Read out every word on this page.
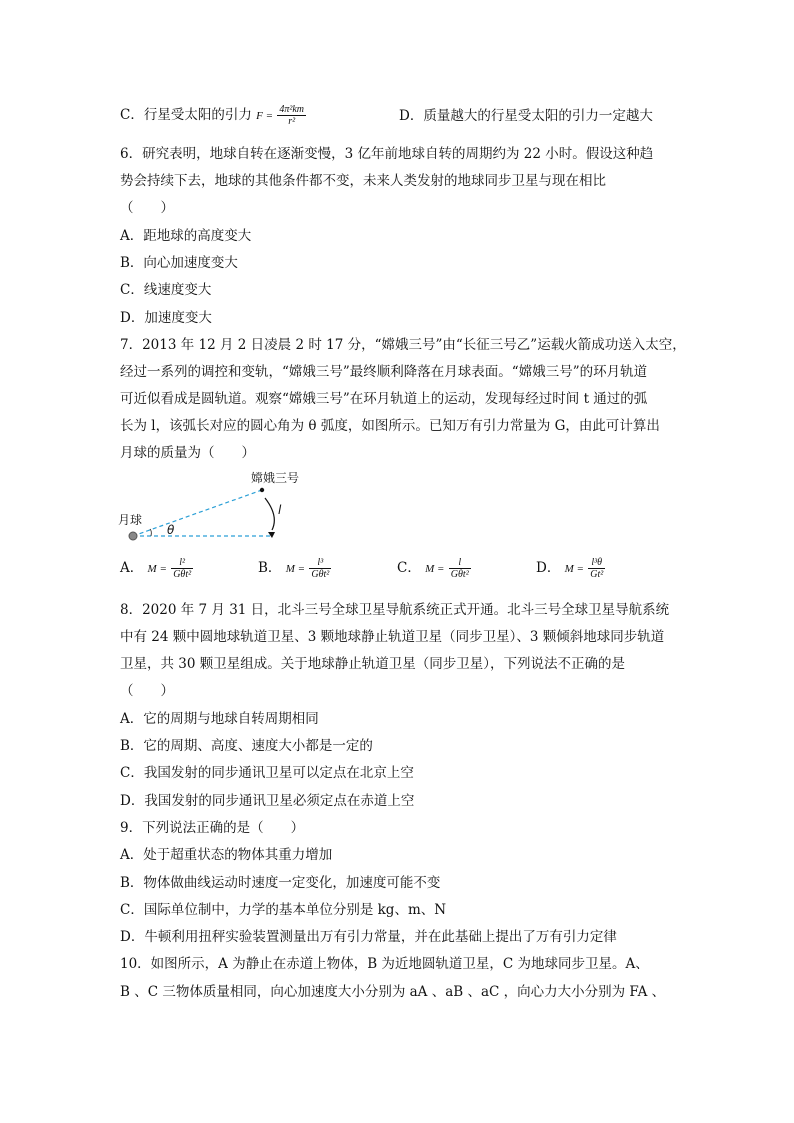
C．行星受太阳的引力 $F = \frac{\text{4π²km}}{\text{r²}}$	D．质量越大的行星受太阳的引力一定越大
6．研究表明，地球自转在逐渐变慢，3 亿年前地球自转的周期约为 22 小时。假设这种趋
势会持续下去，地球的其他条件都不变，未来人类发射的地球同步卫星与现在相比
（　　）
A．距地球的高度变大
B．向心加速度变大
C．线速度变大
D．加速度变大
7．2013 年 12 月 2 日凌晨 2 时 17 分，“嫦娥三号”由“长征三号乙”运载火箭成功送入太空，
经过一系列的调控和变轨，“嫦娥三号”最终顺利降落在月球表面。“嫦娥三号”的环月轨道
可近似看成是圆轨道。观察“嫦娥三号”在环月轨道上的运动，发现每经过时间 t 通过的弧
长为 l，该弧长对应的圆心角为 θ 弧度，如图所示。已知万有引力常量为 G，由此可计算出
月球的质量为（　　）
嫦娥三号
月球
l
θ
A． $M = \frac{\text{l²}}{\text{Gθt²}}$	B． $M = \frac{\text{l³}}{\text{Gθt²}}$	C． $M = \frac{l}{\text{Gθt²}}$	D． $M = \frac{\text{l³θ}}{\text{Gt²}}$
8．2020 年 7 月 31 日，北斗三号全球卫星导航系统正式开通。北斗三号全球卫星导航系统
中有 24 颗中圆地球轨道卫星、3 颗地球静止轨道卫星（同步卫星）、3 颗倾斜地球同步轨道
卫星，共 30 颗卫星组成。关于地球静止轨道卫星（同步卫星），下列说法不正确的是
（　　）
A．它的周期与地球自转周期相同
B．它的周期、高度、速度大小都是一定的
C．我国发射的同步通讯卫星可以定点在北京上空
D．我国发射的同步通讯卫星必须定点在赤道上空
9．下列说法正确的是（　　）
A．处于超重状态的物体其重力增加
B．物体做曲线运动时速度一定变化，加速度可能不变
C．国际单位制中，力学的基本单位分别是 kg、m、N
D．牛顿利用扭秤实验装置测量出万有引力常量，并在此基础上提出了万有引力定律
10．如图所示，A 为静止在赤道上物体，B 为近地圆轨道卫星，C 为地球同步卫星。A、
B 、C 三物体质量相同，向心加速度大小分别为 aA 、aB 、aC ，向心力大小分别为 FA 、
